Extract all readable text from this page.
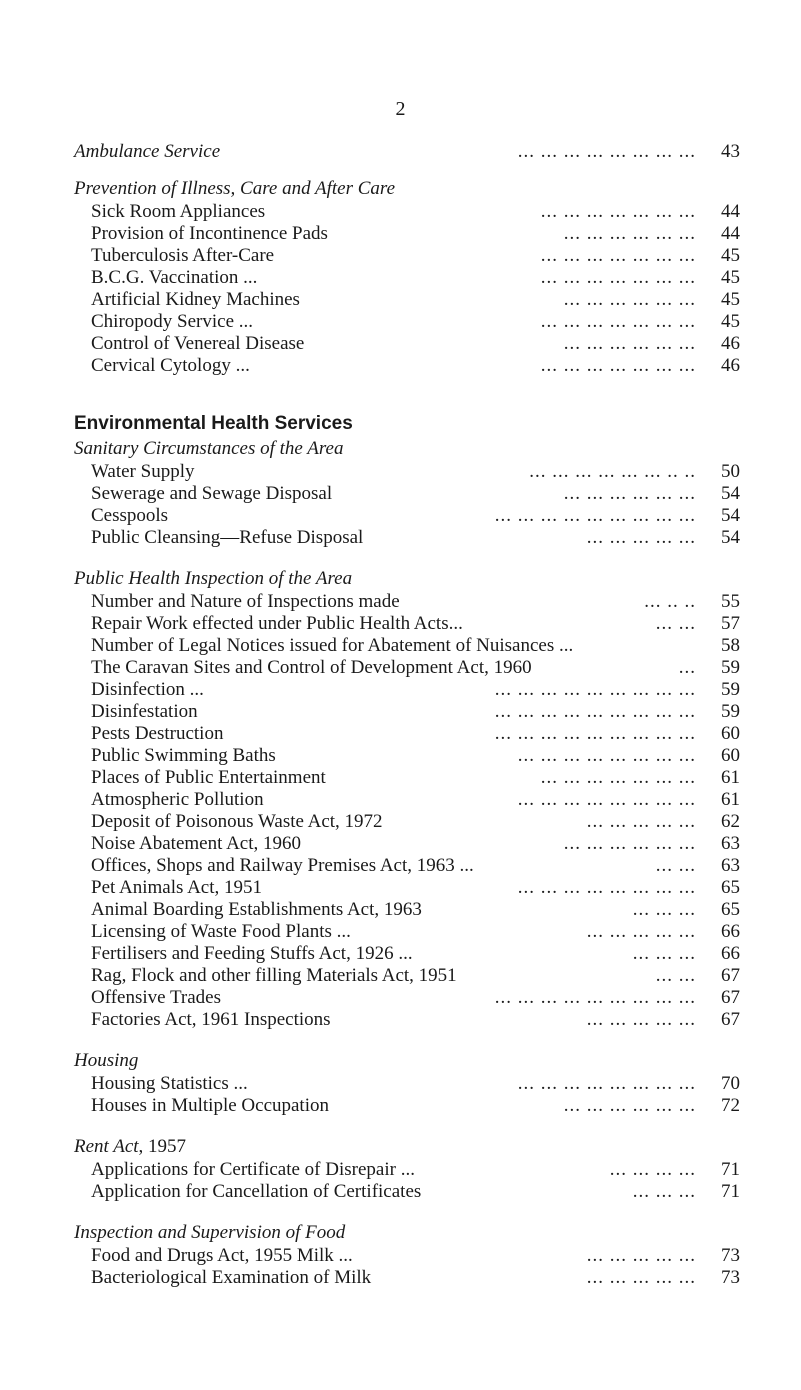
2
Ambulance Service	... ... ... ... ... ... ... ...	43
Prevention of Illness, Care and After Care
Sick Room Appliances	... ... ... ... ... ... ...	44
Provision of Incontinence Pads	... ... ... ... ... ...	44
Tuberculosis After-Care	... ... ... ... ... ... ...	45
B.C.G. Vaccination ...	... ... ... ... ... ... ...	45
Artificial Kidney Machines	... ... ... ... ... ...	45
Chiropody Service ...	... ... ... ... ... ... ...	45
Control of Venereal Disease	... ... ... ... ... ...	46
Cervical Cytology ...	... ... ... ... ... ... ...	46
Environmental Health Services
Sanitary Circumstances of the Area
Water Supply	... ... ... ... ... ... .. ..	50
Sewerage and Sewage Disposal	... ... ... ... ... ...	54
Cesspools	... ... ... ... ... ... ... ... ...	54
Public Cleansing—Refuse Disposal	... ... ... ... ...	54
Public Health Inspection of the Area
Number and Nature of Inspections made	... .. ..	55
Repair Work effected under Public Health Acts...	... ...	57
Number of Legal Notices issued for Abatement of Nuisances ...	58
The Caravan Sites and Control of Development Act, 1960	...	59
Disinfection ...	... ... ... ... ... ... ... ... ...	59
Disinfestation	... ... ... ... ... ... ... ... ...	59
Pests Destruction	... ... ... ... ... ... ... ... ...	60
Public Swimming Baths	... ... ... ... ... ... ... ...	60
Places of Public Entertainment	... ... ... ... ... ... ...	61
Atmospheric Pollution	... ... ... ... ... ... ... ...	61
Deposit of Poisonous Waste Act, 1972	... ... ... ... ...	62
Noise Abatement Act, 1960	... ... ... ... ... ...	63
Offices, Shops and Railway Premises Act, 1963 ...	... ...	63
Pet Animals Act, 1951	... ... ... ... ... ... ... ...	65
Animal Boarding Establishments Act, 1963	... ... ...	65
Licensing of Waste Food Plants ...	... ... ... ... ...	66
Fertilisers and Feeding Stuffs Act, 1926 ...	... ... ...	66
Rag, Flock and other filling Materials Act, 1951	... ...	67
Offensive Trades	... ... ... ... ... ... ... ... ...	67
Factories Act, 1961 Inspections	... ... ... ... ...	67
Housing
Housing Statistics ...	... ... ... ... ... ... ... ...	70
Houses in Multiple Occupation	... ... ... ... ... ...	72
Rent Act, 1957
Applications for Certificate of Disrepair ...	... ... ... ...	71
Application for Cancellation of Certificates	... ... ...	71
Inspection and Supervision of Food
Food and Drugs Act, 1955 Milk ...	... ... ... ... ...	73
Bacteriological Examination of Milk	... ... ... ... ...	73
